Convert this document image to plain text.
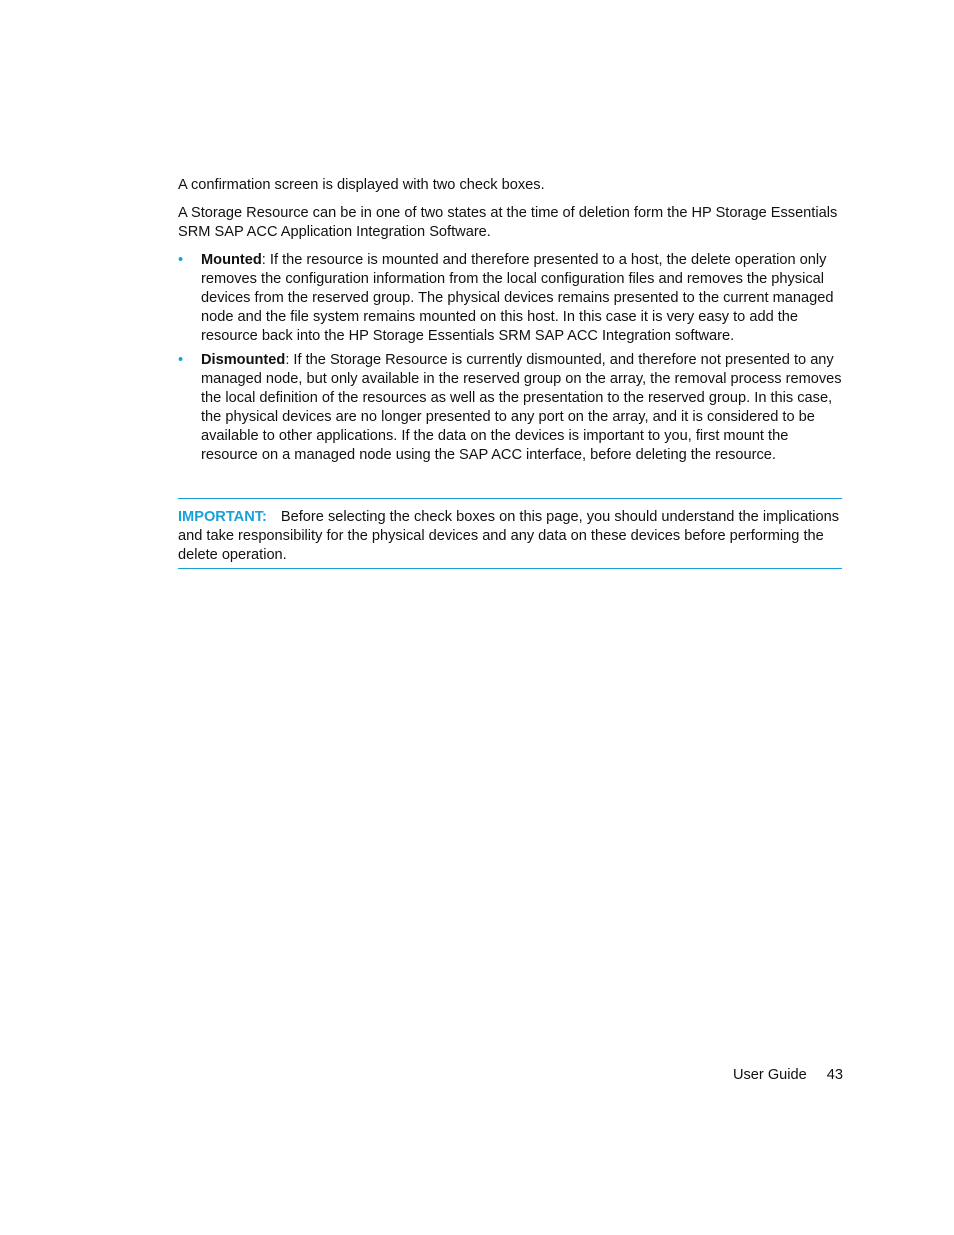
A confirmation screen is displayed with two check boxes.

A Storage Resource can be in one of two states at the time of deletion form the HP Storage Essentials SRM SAP ACC Application Integration Software.

• Mounted: If the resource is mounted and therefore presented to a host, the delete operation only removes the configuration information from the local configuration files and removes the physical devices from the reserved group. The physical devices remains presented to the current managed node and the file system remains mounted on this host. In this case it is very easy to add the resource back into the HP Storage Essentials SRM SAP ACC Integration software.
• Dismounted: If the Storage Resource is currently dismounted, and therefore not presented to any managed node, but only available in the reserved group on the array, the removal process removes the local definition of the resources as well as the presentation to the reserved group. In this case, the physical devices are no longer presented to any port on the array, and it is considered to be available to other applications. If the data on the devices is important to you, first mount the resource on a managed node using the SAP ACC interface, before deleting the resource.
IMPORTANT: Before selecting the check boxes on this page, you should understand the implications and take responsibility for the physical devices and any data on these devices before performing the delete operation.
User Guide 43
